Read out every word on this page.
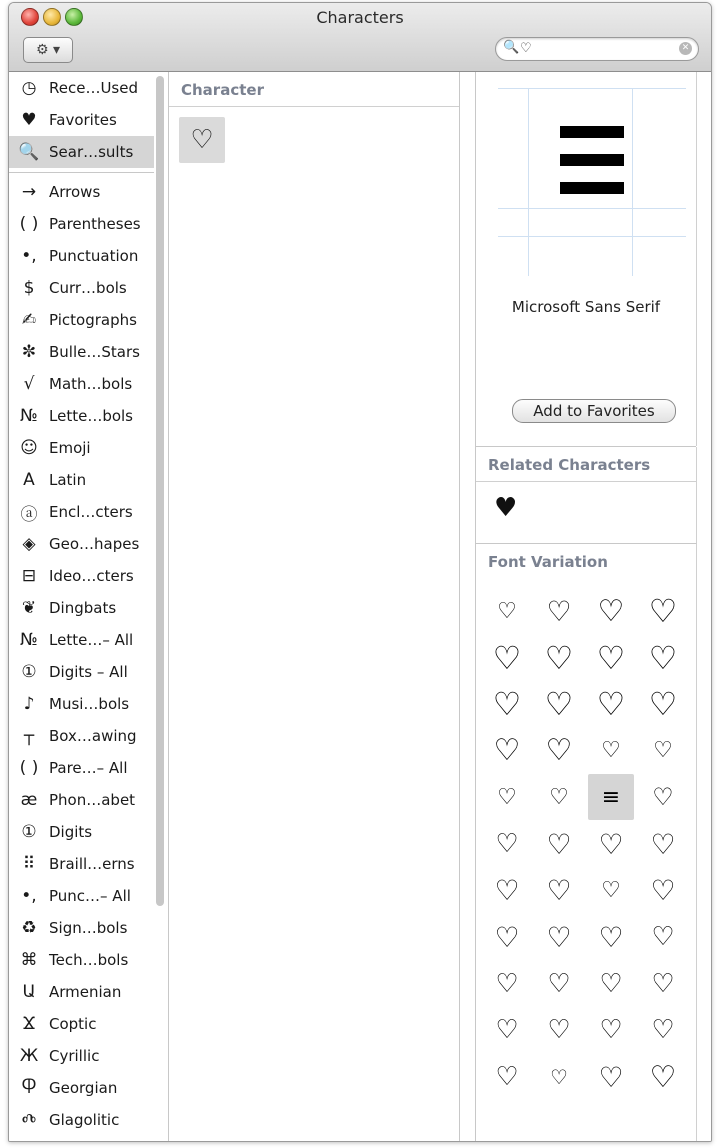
Characters
⚙ ▾	🔍
♡	✕
◷ Rece…Used
♥ Favorites
🔍 Sear…sults
→ Arrows
( ) Parentheses
•, Punctuation
$ Curr…bols
✍ Pictographs
✼ Bulle…Stars
√ Math…bols
№ Lette…bols
☺ Emoji
A Latin
ⓐ Encl…cters
◈ Geo…hapes
⊟ Ideo…cters
❦ Dingbats
№ Lette…– All
① Digits – All
♪ Musi…bols
┬ Box…awing
( ) Pare…– All
æ Phon…abet
① Digits
⠿ Braill…erns
•, Punc…– All
♻ Sign…bols
⌘ Tech…bols
Ա Armenian
Ϫ Coptic
Ж Cyrillic
Ⴔ Georgian
Ⰴ Glagolitic
Character
♡
Microsoft Sans Serif
Add to Favorites
Related Characters
♥
Font Variation
♡	♡ ♡ ♡
♡ ♡ ♡ ♡
♡ ♡ ♡ ♡
♡ ♡	♡	♡
♡	♡	≡	♡
♡ ♡ ♡ ♡
♡ ♡	♡	♡
♡ ♡ ♡	♡
♡	♡	♡	♡
♡	♡	♡	♡
♡	♡	♡ ♡
